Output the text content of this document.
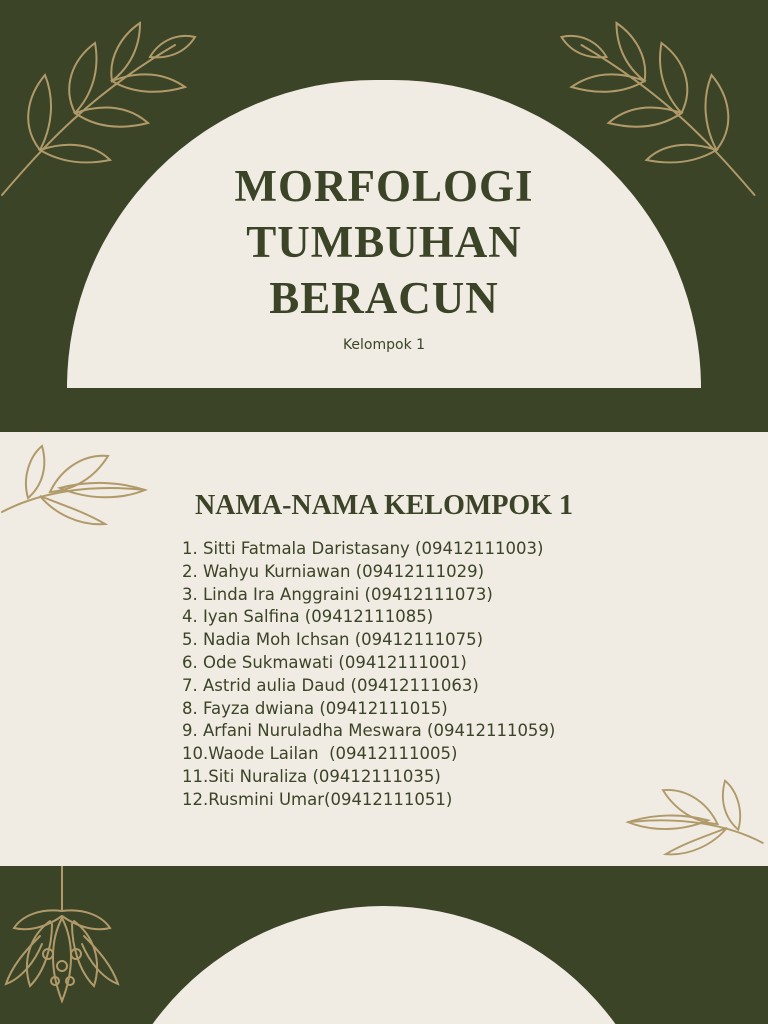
MORFOLOGI
TUMBUHAN
BERACUN
Kelompok 1
NAMA-NAMA KELOMPOK 1
1. Sitti Fatmala Daristasany (09412111003)
2. Wahyu Kurniawan (09412111029)
3. Linda Ira Anggraini (09412111073)
4. Iyan Salfina (09412111085)
5. Nadia Moh Ichsan (09412111075)
6. Ode Sukmawati (09412111001)
7. Astrid aulia Daud (09412111063)
8. Fayza dwiana (09412111015)
9. Arfani Nuruladha Meswara (09412111059)
10.Waode Lailan  (09412111005)
11.Siti Nuraliza (09412111035)
12.Rusmini Umar(09412111051)
